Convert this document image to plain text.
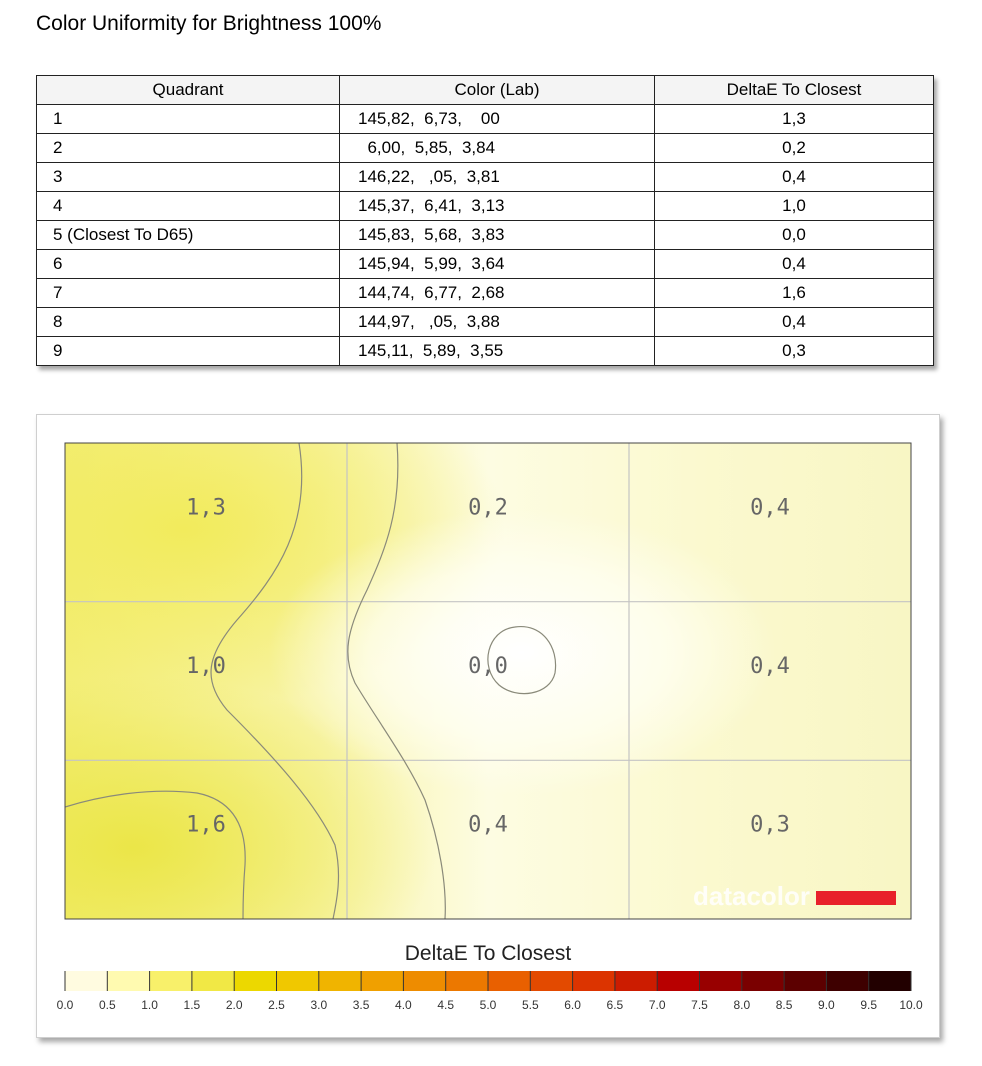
Color Uniformity for Brightness 100%
Quadrant	Color (Lab)	DeltaE To Closest
1	145,82,  6,73,    00	1,3
2	6,00,  5,85,  3,84	0,2
3	146,22,   ,05,  3,81	0,4
4	145,37,  6,41,  3,13	1,0
5 (Closest To D65)	145,83,  5,68,  3,83	0,0
6	145,94,  5,99,  3,64	0,4
7	144,74,  6,77,  2,68	1,6
8	144,97,   ,05,  3,88	0,4
9	145,11,  5,89,  3,55	0,3
1,3	0,2	0,4
1,0	0,0	0,4
1,6	0,4	0,3
datacolor
DeltaE To Closest
0.0 0.5 1.0 1.5 2.0 2.5 3.0 3.5 4.0 4.5 5.0 5.5 6.0 6.5 7.0 7.5 8.0 8.5 9.0 9.5 10.0
